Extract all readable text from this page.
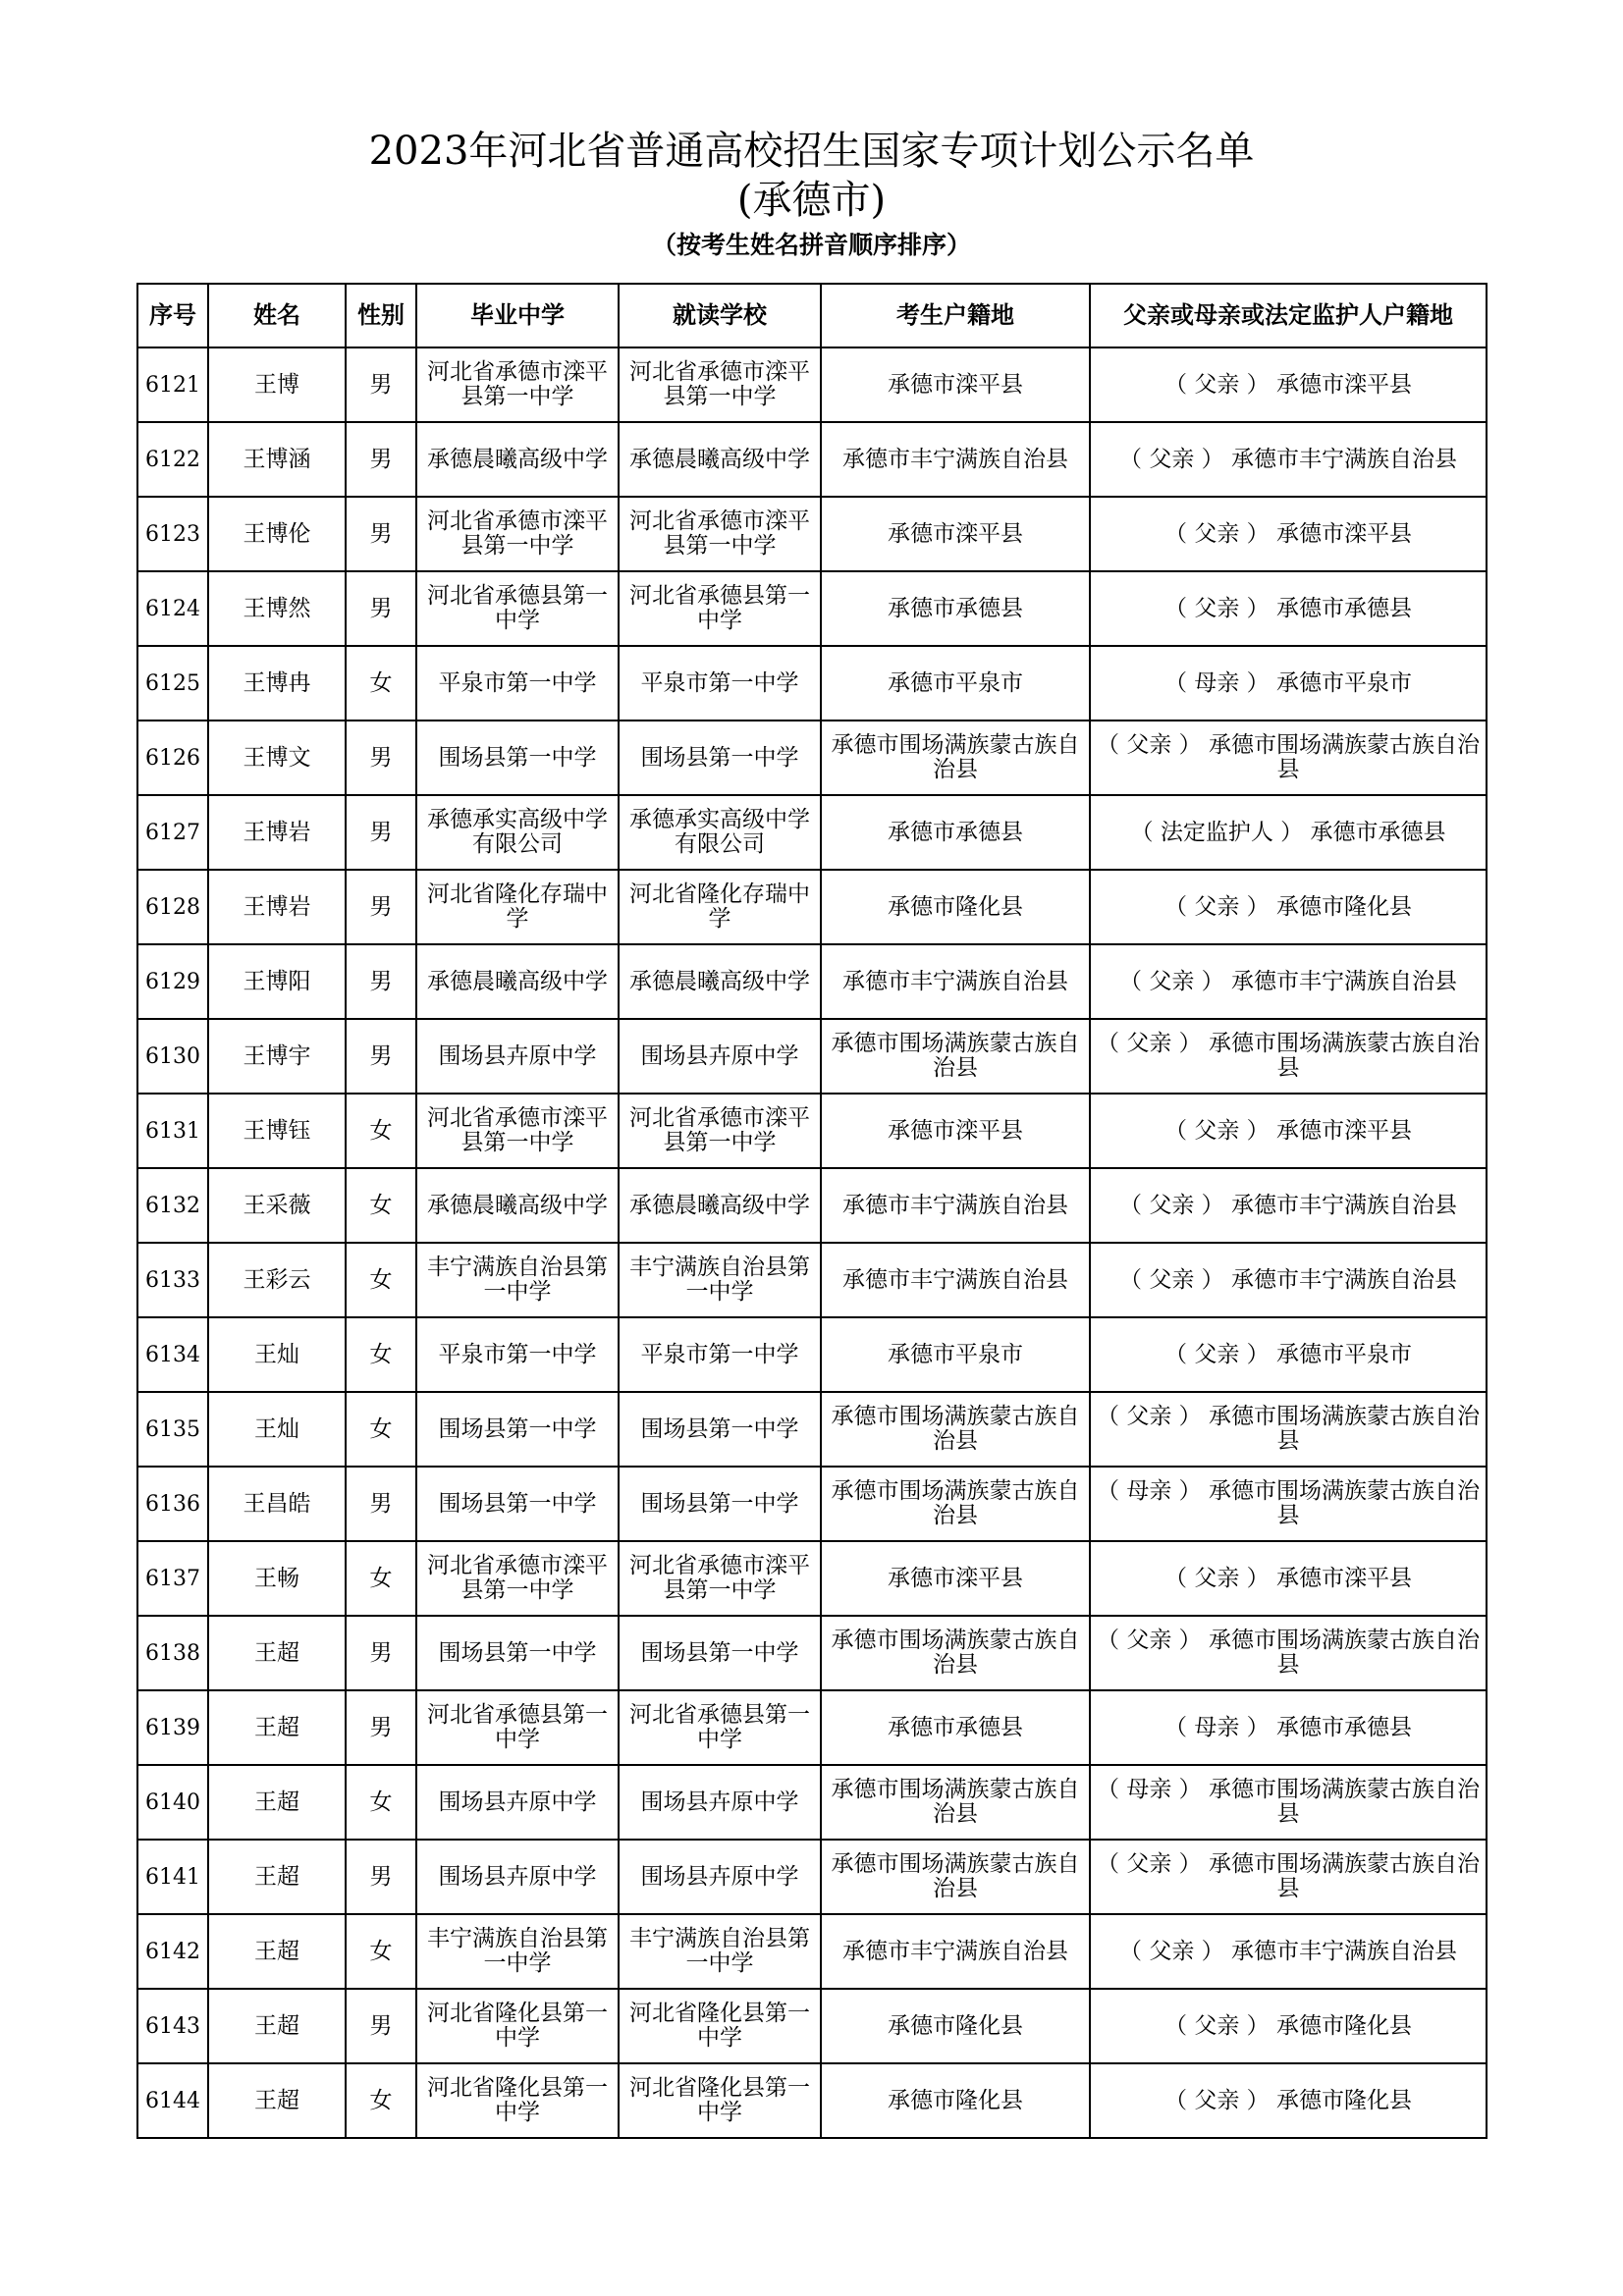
2023年河北省普通高校招生国家专项计划公示名单
(承德市)
（按考生姓名拼音顺序排序）
序号	姓名	性别	毕业中学	就读学校	考生户籍地	父亲或母亲或法定监护人户籍地
6121	王博	男	河北省承德市滦平县第一中学	河北省承德市滦平县第一中学	承德市滦平县	（ 父亲 ） 承德市滦平县
6122	王博涵	男	承德晨曦高级中学	承德晨曦高级中学	承德市丰宁满族自治县	（ 父亲 ） 承德市丰宁满族自治县
6123	王博伦	男	河北省承德市滦平县第一中学	河北省承德市滦平县第一中学	承德市滦平县	（ 父亲 ） 承德市滦平县
6124	王博然	男	河北省承德县第一中学	河北省承德县第一中学	承德市承德县	（ 父亲 ） 承德市承德县
6125	王博冉	女	平泉市第一中学	平泉市第一中学	承德市平泉市	（ 母亲 ） 承德市平泉市
6126	王博文	男	围场县第一中学	围场县第一中学	承德市围场满族蒙古族自治县	（ 父亲 ） 承德市围场满族蒙古族自治县
6127	王博岩	男	承德承实高级中学有限公司	承德承实高级中学有限公司	承德市承德县	（ 法定监护人 ） 承德市承德县
6128	王博岩	男	河北省隆化存瑞中学	河北省隆化存瑞中学	承德市隆化县	（ 父亲 ） 承德市隆化县
6129	王博阳	男	承德晨曦高级中学	承德晨曦高级中学	承德市丰宁满族自治县	（ 父亲 ） 承德市丰宁满族自治县
6130	王博宇	男	围场县卉原中学	围场县卉原中学	承德市围场满族蒙古族自治县	（ 父亲 ） 承德市围场满族蒙古族自治县
6131	王博钰	女	河北省承德市滦平县第一中学	河北省承德市滦平县第一中学	承德市滦平县	（ 父亲 ） 承德市滦平县
6132	王采薇	女	承德晨曦高级中学	承德晨曦高级中学	承德市丰宁满族自治县	（ 父亲 ） 承德市丰宁满族自治县
6133	王彩云	女	丰宁满族自治县第一中学	丰宁满族自治县第一中学	承德市丰宁满族自治县	（ 父亲 ） 承德市丰宁满族自治县
6134	王灿	女	平泉市第一中学	平泉市第一中学	承德市平泉市	（ 父亲 ） 承德市平泉市
6135	王灿	女	围场县第一中学	围场县第一中学	承德市围场满族蒙古族自治县	（ 父亲 ） 承德市围场满族蒙古族自治县
6136	王昌皓	男	围场县第一中学	围场县第一中学	承德市围场满族蒙古族自治县	（ 母亲 ） 承德市围场满族蒙古族自治县
6137	王畅	女	河北省承德市滦平县第一中学	河北省承德市滦平县第一中学	承德市滦平县	（ 父亲 ） 承德市滦平县
6138	王超	男	围场县第一中学	围场县第一中学	承德市围场满族蒙古族自治县	（ 父亲 ） 承德市围场满族蒙古族自治县
6139	王超	男	河北省承德县第一中学	河北省承德县第一中学	承德市承德县	（ 母亲 ） 承德市承德县
6140	王超	女	围场县卉原中学	围场县卉原中学	承德市围场满族蒙古族自治县	（ 母亲 ） 承德市围场满族蒙古族自治县
6141	王超	男	围场县卉原中学	围场县卉原中学	承德市围场满族蒙古族自治县	（ 父亲 ） 承德市围场满族蒙古族自治县
6142	王超	女	丰宁满族自治县第一中学	丰宁满族自治县第一中学	承德市丰宁满族自治县	（ 父亲 ） 承德市丰宁满族自治县
6143	王超	男	河北省隆化县第一中学	河北省隆化县第一中学	承德市隆化县	（ 父亲 ） 承德市隆化县
6144	王超	女	河北省隆化县第一中学	河北省隆化县第一中学	承德市隆化县	（ 父亲 ） 承德市隆化县
